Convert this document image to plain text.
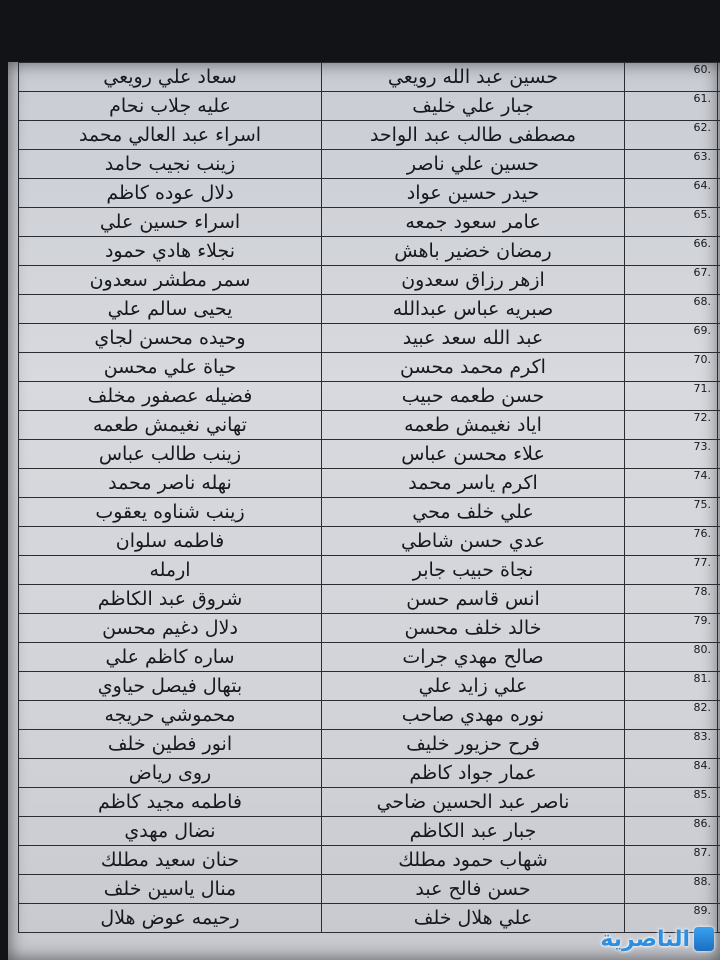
سعاد علي رويعي	حسين عبد الله رويعي	60.	
عليه جلاب نحام	جبار علي خليف	61.	
اسراء عبد العالي محمد	مصطفى طالب عبد الواحد	62.	
زينب نجيب حامد	حسين علي ناصر	63.	
دلال عوده كاظم	حيدر حسين عواد	64.	
اسراء حسين علي	عامر سعود جمعه	65.	
نجلاء هادي حمود	رمضان خضير باهش	66.	
سمر مطشر سعدون	ازهر رزاق سعدون	67.	
يحيى سالم علي	صبريه عباس عبدالله	68.	
وحيده محسن لجاي	عبد الله سعد عبيد	69.	
حياة علي محسن	اكرم محمد محسن	70.	
فضيله عصفور مخلف	حسن طعمه حبيب	71.	
تهاني نغيمش طعمه	اياد نغيمش طعمه	72.	
زينب طالب عباس	علاء محسن عباس	73.	
نهله ناصر محمد	اكرم ياسر محمد	74.	
زينب شناوه يعقوب	علي خلف محي	75.	
فاطمه سلوان	عدي حسن شاطي	76.	
ارمله	نجاة حبيب جابر	77.	
شروق عبد الكاظم	انس قاسم حسن	78.	
دلال دغيم محسن	خالد خلف محسن	79.	
ساره كاظم علي	صالح مهدي جرات	80.	
بتهال فيصل حياوي	علي زايد علي	81.	
محموشي حريجه	نوره مهدي صاحب	82.	
انور فطين خلف	فرح حزيور خليف	83.	
روى رياض	عمار جواد كاظم	84.	
فاطمه مجيد كاظم	ناصر عبد الحسين ضاحي	85.	
نضال مهدي	جبار عبد الكاظم	86.	
حنان سعيد مطلك	شهاب حمود مطلك	87.	
منال ياسين خلف	حسن فالح عبد	88.	
رحيمه عوض هلال	علي هلال خلف	89.	
الناصرية
